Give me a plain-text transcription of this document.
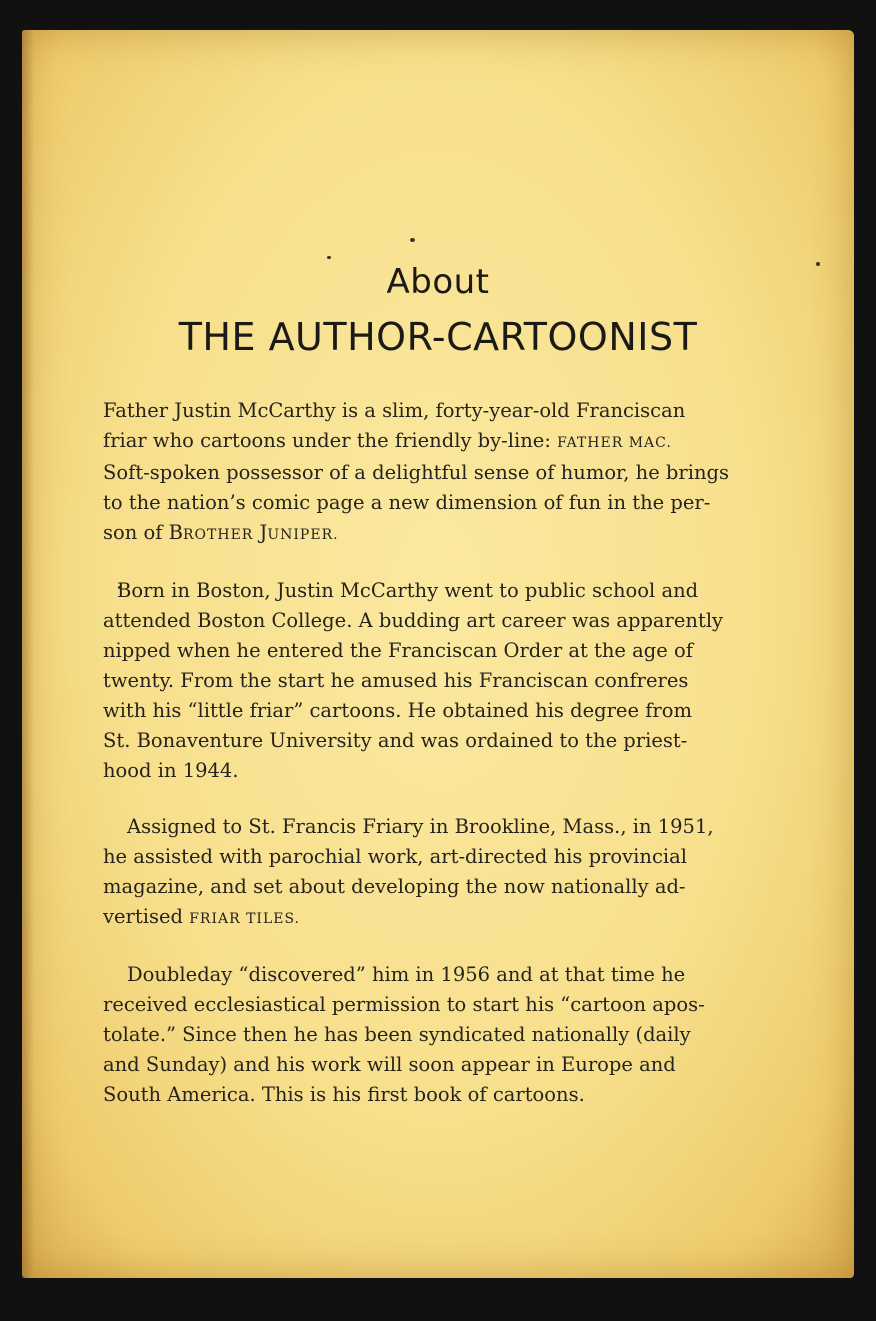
About
THE AUTHOR-CARTOONIST
Father Justin McCarthy is a slim, forty-year-old Franciscan
friar who cartoons under the friendly by-line: FATHER MAC.
Soft-spoken possessor of a delightful sense of humor, he brings
to the nation’s comic page a new dimension of fun in the per-
son of BROTHER JUNIPER.
Born in Boston, Justin McCarthy went to public school and
attended Boston College. A budding art career was apparently
nipped when he entered the Franciscan Order at the age of
twenty. From the start he amused his Franciscan confreres
with his “little friar” cartoons. He obtained his degree from
St. Bonaventure University and was ordained to the priest-
hood in 1944.
Assigned to St. Francis Friary in Brookline, Mass., in 1951,
he assisted with parochial work, art-directed his provincial
magazine, and set about developing the now nationally ad-
vertised FRIAR TILES.
Doubleday “discovered” him in 1956 and at that time he
received ecclesiastical permission to start his “cartoon apos-
tolate.” Since then he has been syndicated nationally (daily
and Sunday) and his work will soon appear in Europe and
South America. This is his first book of cartoons.
